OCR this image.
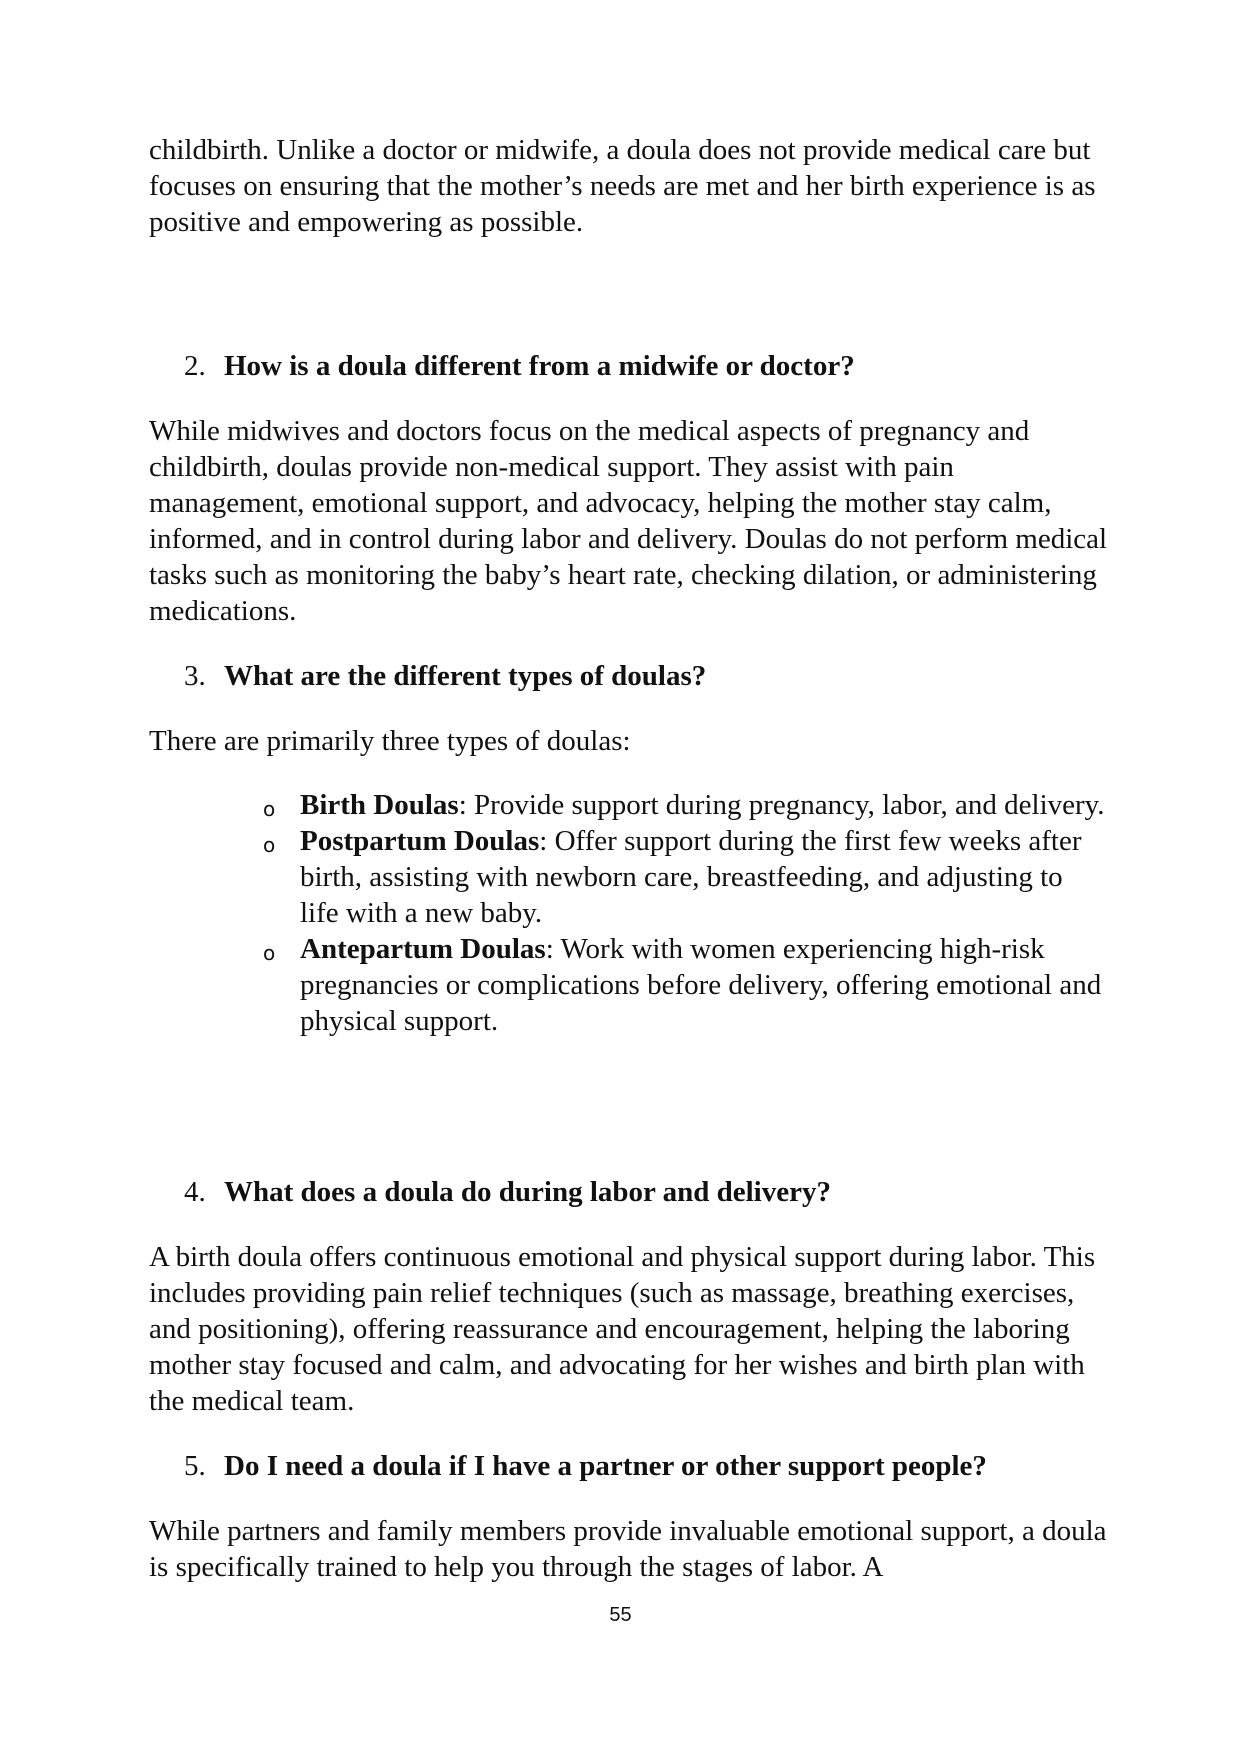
childbirth. Unlike a doctor or midwife, a doula does not provide medical care but focuses on ensuring that the mother’s needs are met and her birth experience is as positive and empowering as possible.

2. How is a doula different from a midwife or doctor?

While midwives and doctors focus on the medical aspects of pregnancy and childbirth, doulas provide non-medical support. They assist with pain management, emotional support, and advocacy, helping the mother stay calm, informed, and in control during labor and delivery. Doulas do not perform medical tasks such as monitoring the baby’s heart rate, checking dilation, or administering medications.

3. What are the different types of doulas?

There are primarily three types of doulas:

o Birth Doulas: Provide support during pregnancy, labor, and delivery.
o Postpartum Doulas: Offer support during the first few weeks after birth, assisting with newborn care, breastfeeding, and adjusting to life with a new baby.
o Antepartum Doulas: Work with women experiencing high-risk pregnancies or complications before delivery, offering emotional and physical support.

4. What does a doula do during labor and delivery?

A birth doula offers continuous emotional and physical support during labor. This includes providing pain relief techniques (such as massage, breathing exercises, and positioning), offering reassurance and encouragement, helping the laboring mother stay focused and calm, and advocating for her wishes and birth plan with the medical team.

5. Do I need a doula if I have a partner or other support people?

While partners and family members provide invaluable emotional support, a doula is specifically trained to help you through the stages of labor. A

55
